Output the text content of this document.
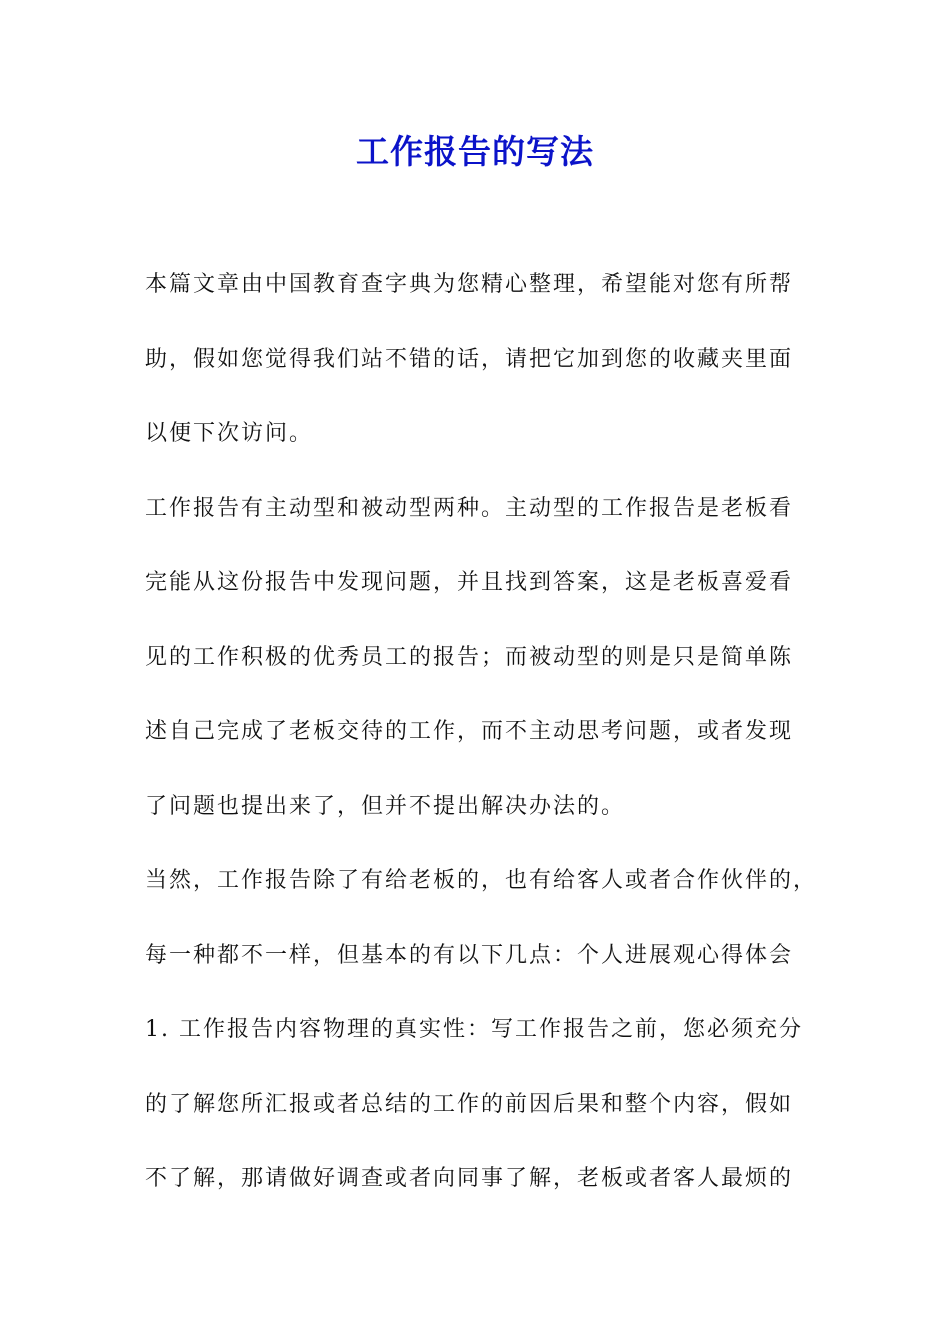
工作报告的写法

本篇文章由中国教育查字典为您精心整理，希望能对您有所帮

助，假如您觉得我们站不错的话，请把它加到您的收藏夹里面

以便下次访问。

工作报告有主动型和被动型两种。主动型的工作报告是老板看

完能从这份报告中发现问题，并且找到答案，这是老板喜爱看

见的工作积极的优秀员工的报告；而被动型的则是只是简单陈

述自己完成了老板交待的工作，而不主动思考问题，或者发现

了问题也提出来了，但并不提出解决办法的。

当然，工作报告除了有给老板的，也有给客人或者合作伙伴的，

每一种都不一样，但基本的有以下几点：个人进展观心得体会

1. 工作报告内容物理的真实性：写工作报告之前，您必须充分

的了解您所汇报或者总结的工作的前因后果和整个内容，假如

不了解，那请做好调查或者向同事了解，老板或者客人最烦的
